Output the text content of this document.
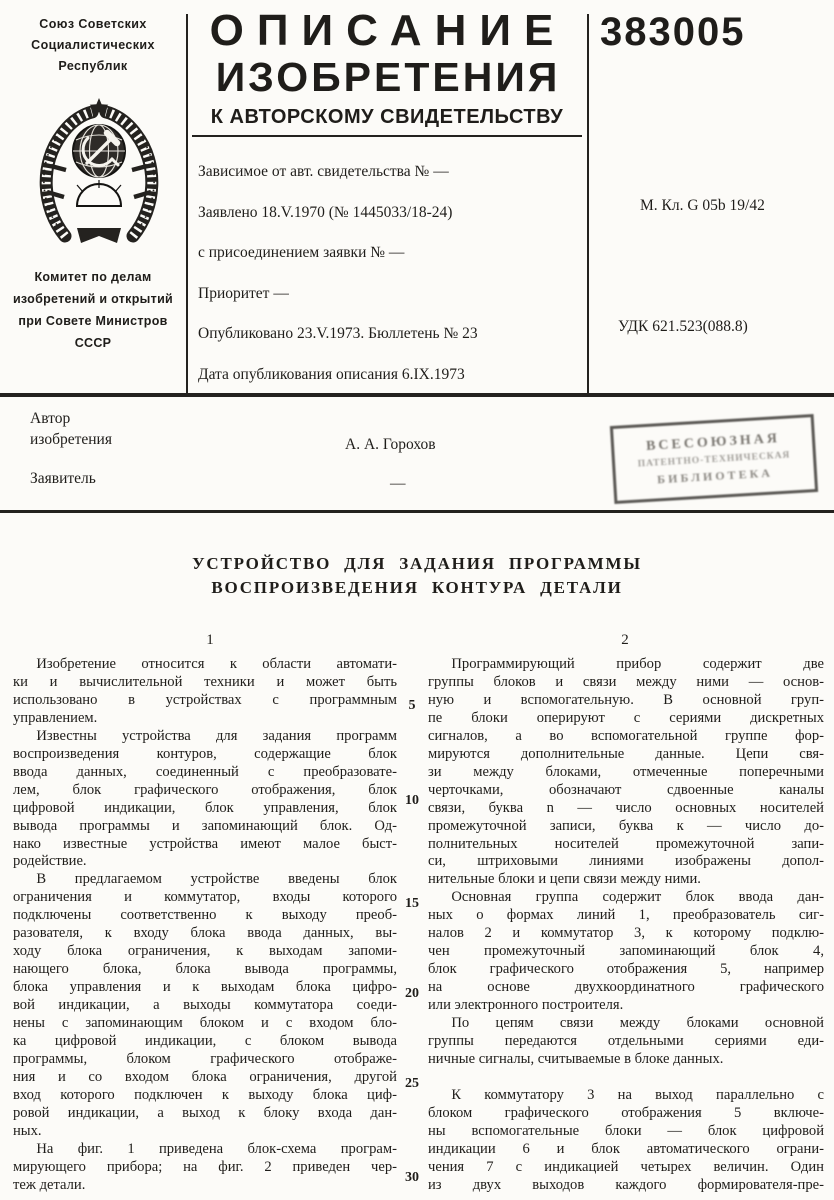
Союз Советских
Социалистических
Республик
Комитет по делам
изобретений и открытий
при Совете Министров
СССР
ОПИСАНИЕ
ИЗОБРЕТЕНИЯ
К АВТОРСКОМУ СВИДЕТЕЛЬСТВУ
Зависимое от авт. свидетельства № —
Заявлено 18.V.1970 (№ 1445033/18-24)
с присоединением заявки № —
Приоритет —
Опубликовано 23.V.1973. Бюллетень № 23
Дата опубликования описания 6.IX.1973
383005
М. Кл. G 05b 19/42
УДК 621.523(088.8)
Автор
изобретения	А. А. Горохов
Заявитель	—
ВСЕСОЮЗНАЯ
ПАТЕНТНО-ТЕХНИЧЕСКАЯ
БИБЛИОТЕКА
УСТРОЙСТВО ДЛЯ ЗАДАНИЯ ПРОГРАММЫ
ВОСПРОИЗВЕДЕНИЯ КОНТУРА ДЕТАЛИ
1	2
Изобретение относится к области автомати-
ки и вычислительной техники и может быть
использовано в устройствах с программным
управлением.
Известны устройства для задания программ
воспроизведения контуров, содержащие блок
ввода данных, соединенный с преобразовате-
лем, блок графического отображения, блок
цифровой индикации, блок управления, блок
вывода программы и запоминающий блок. Од-
нако известные устройства имеют малое быст-
родействие.
В предлагаемом устройстве введены блок
ограничения и коммутатор, входы которого
подключены соответственно к выходу преоб-
разователя, к входу блока ввода данных, вы-
ходу блока ограничения, к выходам запоми-
нающего блока, блока вывода программы,
блока управления и к выходам блока цифро-
вой индикации, а выходы коммутатора соеди-
нены с запоминающим блоком и с входом бло-
ка цифровой индикации, с блоком вывода
программы, блоком графического отображе-
ния и со входом блока ограничения, другой
вход которого подключен к выходу блока циф-
ровой индикации, а выход к блоку входа дан-
ных.
На фиг. 1 приведена блок-схема програм-
мирующего прибора; на фиг. 2 приведен чер-
теж детали.
Программирующий прибор содержит две
группы блоков и связи между ними — основ-
ную и вспомогательную. В основной груп-
пе блоки оперируют с сериями дискретных
сигналов, а во вспомогательной группе фор-
мируются дополнительные данные. Цепи свя-
зи между блоками, отмеченные поперечными
черточками, обозначают сдвоенные каналы
связи, буква n — число основных носителей
промежуточной записи, буква к — число до-
полнительных носителей промежуточной запи-
си, штриховыми линиями изображены допол-
нительные блоки и цепи связи между ними.
Основная группа содержит блок ввода дан-
ных о формах линий 1, преобразователь сиг-
налов 2 и коммутатор 3, к которому подклю-
чен промежуточный запоминающий блок 4,
блок графического отображения 5, например
на основе двухкоординатного графического
или электронного построителя.
По цепям связи между блоками основной
группы передаются отдельными сериями еди-
ничные сигналы, считываемые в блоке данных.
К коммутатору 3 на выход параллельно с
блоком графического отображения 5 включе-
ны вспомогательные блоки — блок цифровой
индикации 6 и блок автоматического ограни-
чения 7 с индикацией четырех величин. Один
из двух выходов каждого формирователя-пре-
5
10
15
20
25
30
